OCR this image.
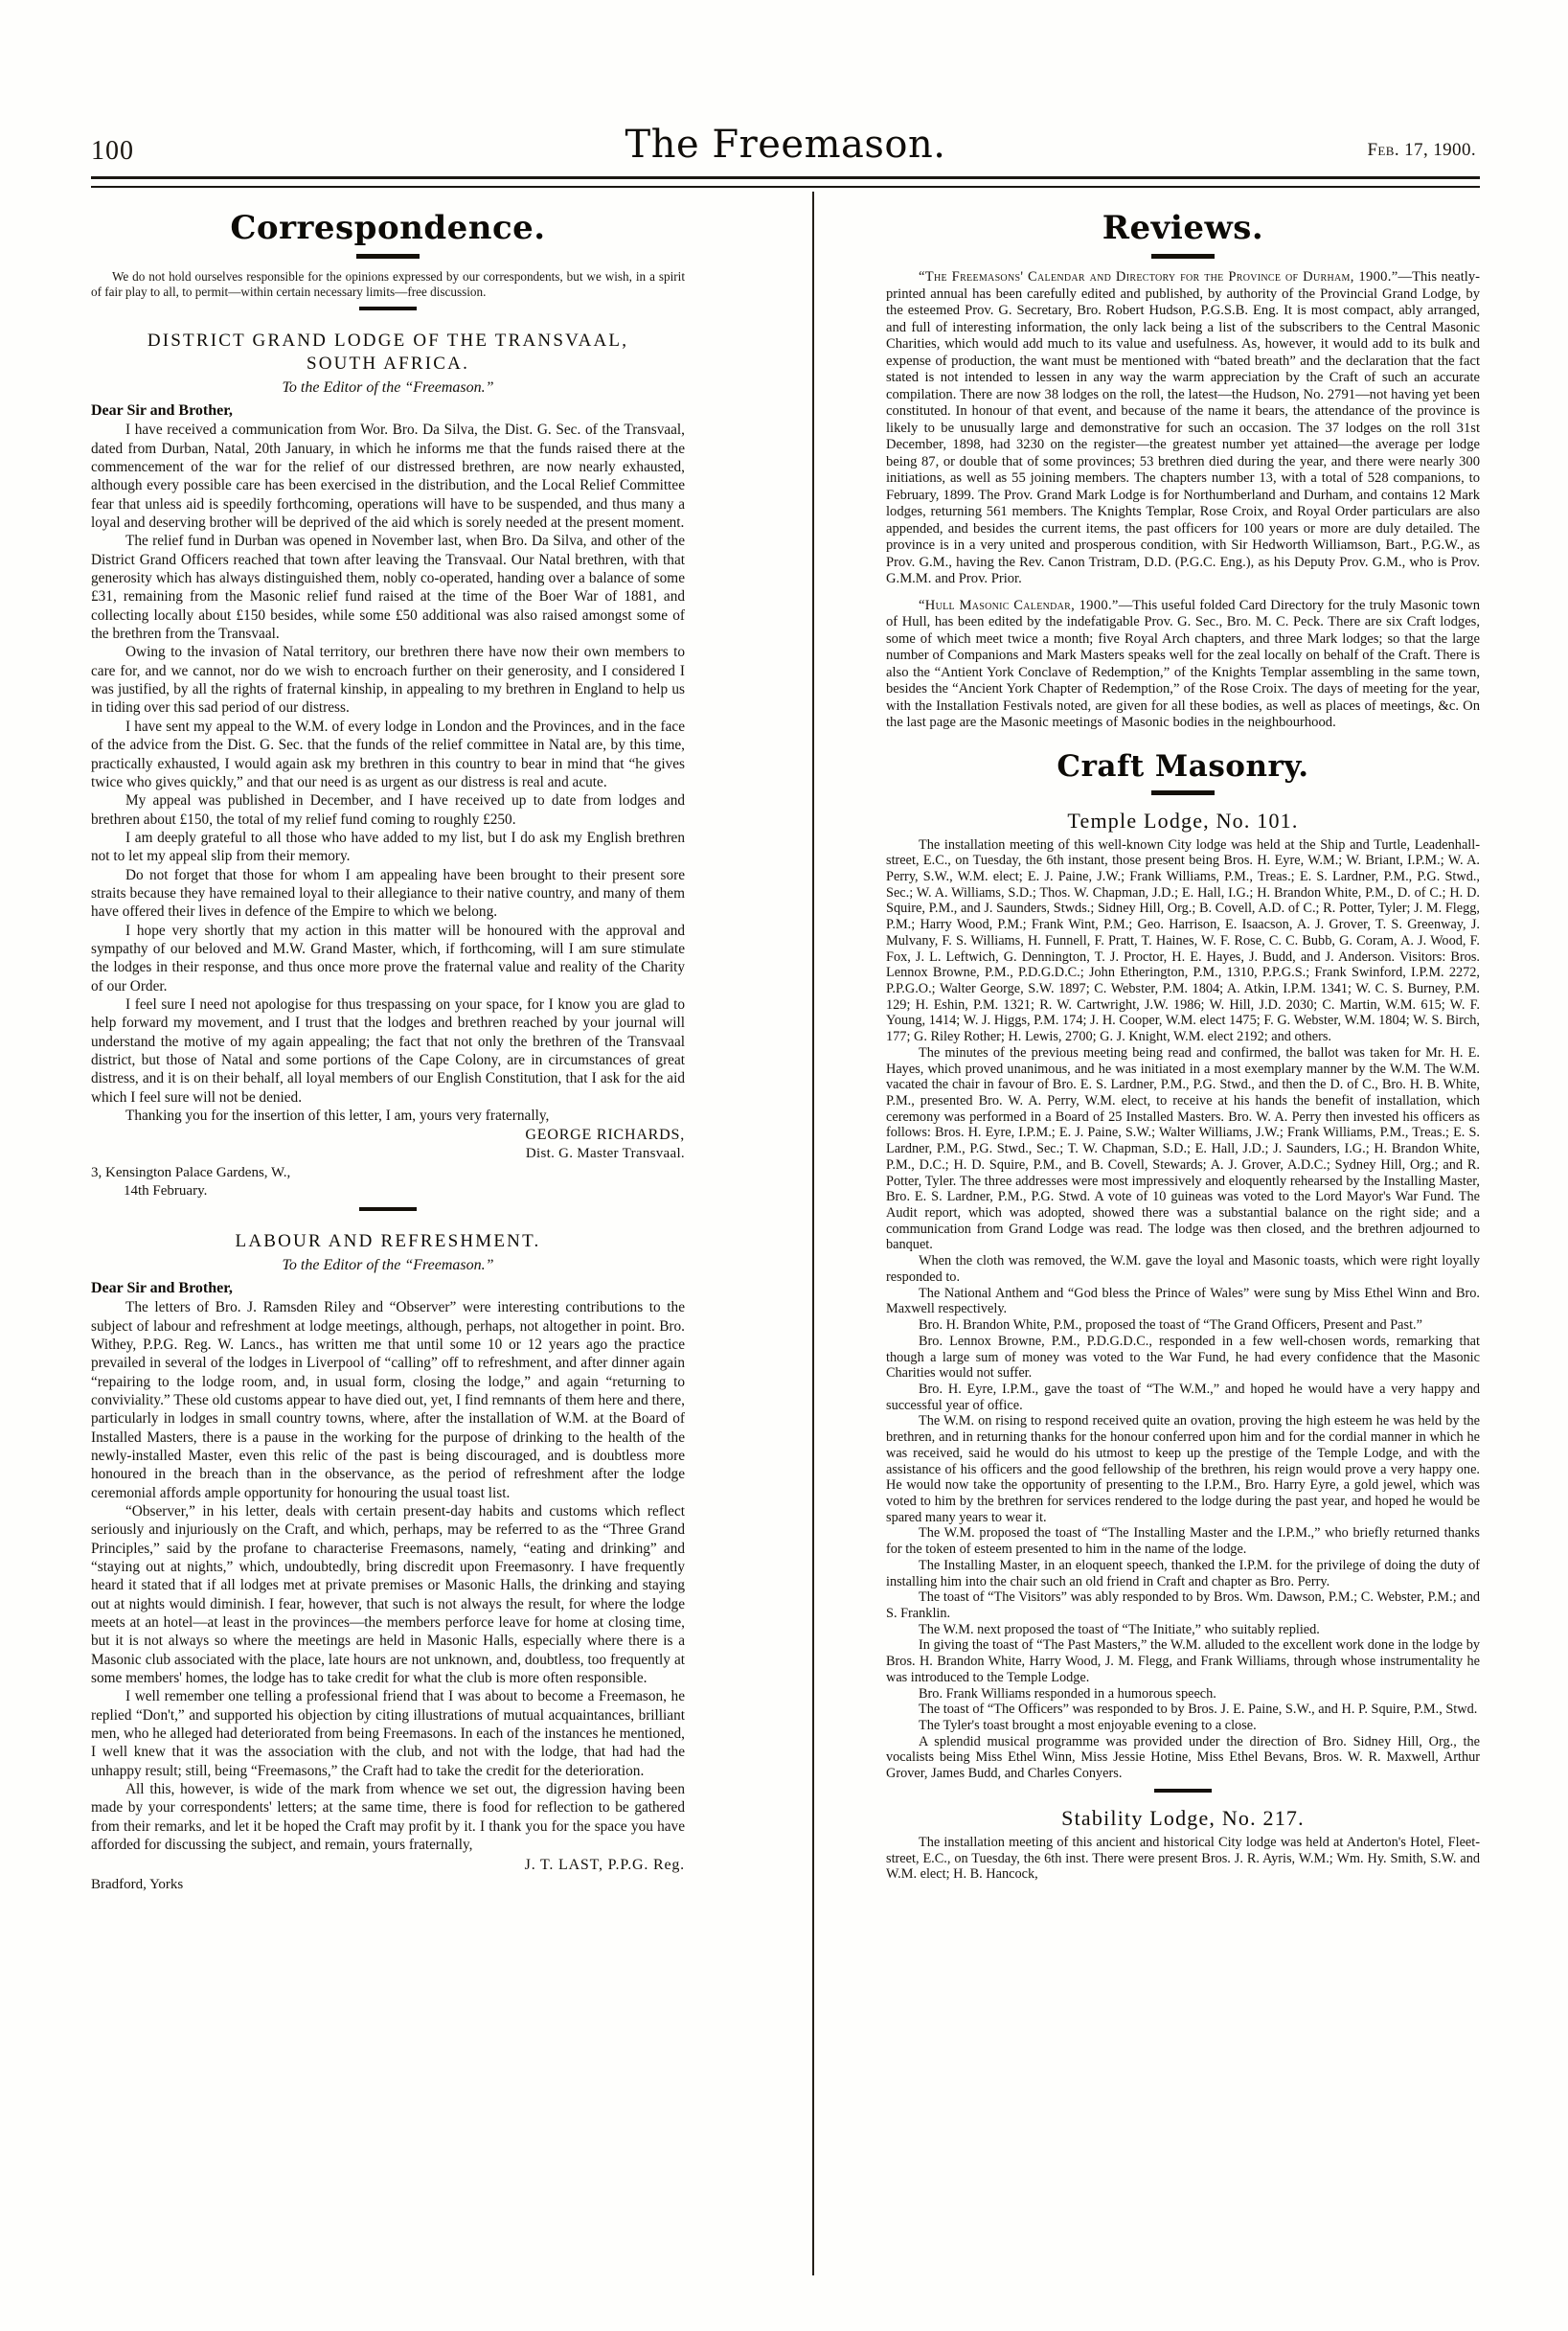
100	The Freemason.	Feb. 17, 1900.
Correspondence.

We do not hold ourselves responsible for the opinions expressed by our correspondents, but we wish, in a spirit of fair play to all, to permit—within certain necessary limits—free discussion.

DISTRICT GRAND LODGE OF THE TRANSVAAL,
SOUTH AFRICA.
To the Editor of the “Freemason.”
Dear Sir and Brother,

I have received a communication from Wor. Bro. Da Silva, the Dist. G. Sec. of the Transvaal, dated from Durban, Natal, 20th January, in which he informs me that the funds raised there at the commencement of the war for the relief of our distressed brethren, are now nearly exhausted, although every possible care has been exercised in the distribution, and the Local Relief Committee fear that unless aid is speedily forthcoming, operations will have to be suspended, and thus many a loyal and deserving brother will be deprived of the aid which is sorely needed at the present moment.

The relief fund in Durban was opened in November last, when Bro. Da Silva, and other of the District Grand Officers reached that town after leaving the Transvaal. Our Natal brethren, with that generosity which has always distinguished them, nobly co-operated, handing over a balance of some £31, remaining from the Masonic relief fund raised at the time of the Boer War of 1881, and collecting locally about £150 besides, while some £50 additional was also raised amongst some of the brethren from the Transvaal.

Owing to the invasion of Natal territory, our brethren there have now their own members to care for, and we cannot, nor do we wish to encroach further on their generosity, and I considered I was justified, by all the rights of fraternal kinship, in appealing to my brethren in England to help us in tiding over this sad period of our distress.

I have sent my appeal to the W.M. of every lodge in London and the Provinces, and in the face of the advice from the Dist. G. Sec. that the funds of the relief committee in Natal are, by this time, practically exhausted, I would again ask my brethren in this country to bear in mind that “he gives twice who gives quickly,” and that our need is as urgent as our distress is real and acute.

My appeal was published in December, and I have received up to date from lodges and brethren about £150, the total of my relief fund coming to roughly £250.

I am deeply grateful to all those who have added to my list, but I do ask my English brethren not to let my appeal slip from their memory.

Do not forget that those for whom I am appealing have been brought to their present sore straits because they have remained loyal to their allegiance to their native country, and many of them have offered their lives in defence of the Empire to which we belong.

I hope very shortly that my action in this matter will be honoured with the approval and sympathy of our beloved and M.W. Grand Master, which, if forthcoming, will I am sure stimulate the lodges in their response, and thus once more prove the fraternal value and reality of the Charity of our Order.

I feel sure I need not apologise for thus trespassing on your space, for I know you are glad to help forward my movement, and I trust that the lodges and brethren reached by your journal will understand the motive of my again appealing; the fact that not only the brethren of the Transvaal district, but those of Natal and some portions of the Cape Colony, are in circumstances of great distress, and it is on their behalf, all loyal members of our English Constitution, that I ask for the aid which I feel sure will not be denied.

Thanking you for the insertion of this letter, I am, yours very fraternally,

GEORGE RICHARDS,
Dist. G. Master Transvaal.
3, Kensington Palace Gardens, W.,
14th February.
LABOUR AND REFRESHMENT.
To the Editor of the “Freemason.”
Dear Sir and Brother,

The letters of Bro. J. Ramsden Riley and “Observer” were interesting contributions to the subject of labour and refreshment at lodge meetings, although, perhaps, not altogether in point. Bro. Withey, P.P.G. Reg. W. Lancs., has written me that until some 10 or 12 years ago the practice prevailed in several of the lodges in Liverpool of “calling” off to refreshment, and after dinner again “repairing to the lodge room, and, in usual form, closing the lodge,” and again “returning to conviviality.” These old customs appear to have died out, yet, I find remnants of them here and there, particularly in lodges in small country towns, where, after the installation of W.M. at the Board of Installed Masters, there is a pause in the working for the purpose of drinking to the health of the newly-installed Master, even this relic of the past is being discouraged, and is doubtless more honoured in the breach than in the observance, as the period of refreshment after the lodge ceremonial affords ample opportunity for honouring the usual toast list.

“Observer,” in his letter, deals with certain present-day habits and customs which reflect seriously and injuriously on the Craft, and which, perhaps, may be referred to as the “Three Grand Principles,” said by the profane to characterise Freemasons, namely, “eating and drinking” and “staying out at nights,” which, undoubtedly, bring discredit upon Freemasonry. I have frequently heard it stated that if all lodges met at private premises or Masonic Halls, the drinking and staying out at nights would diminish. I fear, however, that such is not always the result, for where the lodge meets at an hotel—at least in the provinces—the members perforce leave for home at closing time, but it is not always so where the meetings are held in Masonic Halls, especially where there is a Masonic club associated with the place, late hours are not unknown, and, doubtless, too frequently at some members' homes, the lodge has to take credit for what the club is more often responsible.

I well remember one telling a professional friend that I was about to become a Freemason, he replied “Don't,” and supported his objection by citing illustrations of mutual acquaintances, brilliant men, who he alleged had deteriorated from being Freemasons. In each of the instances he mentioned, I well knew that it was the association with the club, and not with the lodge, that had had the unhappy result; still, being “Freemasons,” the Craft had to take the credit for the deterioration.

All this, however, is wide of the mark from whence we set out, the digression having been made by your correspondents' letters; at the same time, there is food for reflection to be gathered from their remarks, and let it be hoped the Craft may profit by it. I thank you for the space you have afforded for discussing the subject, and remain, yours fraternally,

J. T. LAST, P.P.G. Reg.
Bradford, Yorks
Reviews.

“The Freemasons' Calendar and Directory for the Province of Durham, 1900.”—This neatly-printed annual has been carefully edited and published, by authority of the Provincial Grand Lodge, by the esteemed Prov. G. Secretary, Bro. Robert Hudson, P.G.S.B. Eng. It is most compact, ably arranged, and full of interesting information, the only lack being a list of the subscribers to the Central Masonic Charities, which would add much to its value and usefulness. As, however, it would add to its bulk and expense of production, the want must be mentioned with “bated breath” and the declaration that the fact stated is not intended to lessen in any way the warm appreciation by the Craft of such an accurate compilation. There are now 38 lodges on the roll, the latest—the Hudson, No. 2791—not having yet been constituted. In honour of that event, and because of the name it bears, the attendance of the province is likely to be unusually large and demonstrative for such an occasion. The 37 lodges on the roll 31st December, 1898, had 3230 on the register—the greatest number yet attained—the average per lodge being 87, or double that of some provinces; 53 brethren died during the year, and there were nearly 300 initiations, as well as 55 joining members. The chapters number 13, with a total of 528 companions, to February, 1899. The Prov. Grand Mark Lodge is for Northumberland and Durham, and contains 12 Mark lodges, returning 561 members. The Knights Templar, Rose Croix, and Royal Order particulars are also appended, and besides the current items, the past officers for 100 years or more are duly detailed. The province is in a very united and prosperous condition, with Sir Hedworth Williamson, Bart., P.G.W., as Prov. G.M., having the Rev. Canon Tristram, D.D. (P.G.C. Eng.), as his Deputy Prov. G.M., who is Prov. G.M.M. and Prov. Prior.

“Hull Masonic Calendar, 1900.”—This useful folded Card Directory for the truly Masonic town of Hull, has been edited by the indefatigable Prov. G. Sec., Bro. M. C. Peck. There are six Craft lodges, some of which meet twice a month; five Royal Arch chapters, and three Mark lodges; so that the large number of Companions and Mark Masters speaks well for the zeal locally on behalf of the Craft. There is also the “Antient York Conclave of Redemption,” of the Knights Templar assembling in the same town, besides the “Ancient York Chapter of Redemption,” of the Rose Croix. The days of meeting for the year, with the Installation Festivals noted, are given for all these bodies, as well as places of meetings, &c. On the last page are the Masonic meetings of Masonic bodies in the neighbourhood.

Craft Masonry.
Temple Lodge, No. 101.

The installation meeting of this well-known City lodge was held at the Ship and Turtle, Leadenhall-street, E.C., on Tuesday, the 6th instant, those present being Bros. H. Eyre, W.M.; W. Briant, I.P.M.; W. A. Perry, S.W., W.M. elect; E. J. Paine, J.W.; Frank Williams, P.M., Treas.; E. S. Lardner, P.M., P.G. Stwd., Sec.; W. A. Williams, S.D.; Thos. W. Chapman, J.D.; E. Hall, I.G.; H. Brandon White, P.M., D. of C.; H. D. Squire, P.M., and J. Saunders, Stwds.; Sidney Hill, Org.; B. Covell, A.D. of C.; R. Potter, Tyler; J. M. Flegg, P.M.; Harry Wood, P.M.; Frank Wint, P.M.; Geo. Harrison, E. Isaacson, A. J. Grover, T. S. Greenway, J. Mulvany, F. S. Williams, H. Funnell, F. Pratt, T. Haines, W. F. Rose, C. C. Bubb, G. Coram, A. J. Wood, F. Fox, J. L. Leftwich, G. Dennington, T. J. Proctor, H. E. Hayes, J. Budd, and J. Anderson. Visitors: Bros. Lennox Browne, P.M., P.D.G.D.C.; John Etherington, P.M., 1310, P.P.G.S.; Frank Swinford, I.P.M. 2272, P.P.G.O.; Walter George, S.W. 1897; C. Webster, P.M. 1804; A. Atkin, I.P.M. 1341; W. C. S. Burney, P.M. 129; H. Eshin, P.M. 1321; R. W. Cartwright, J.W. 1986; W. Hill, J.D. 2030; C. Martin, W.M. 615; W. F. Young, 1414; W. J. Higgs, P.M. 174; J. H. Cooper, W.M. elect 1475; F. G. Webster, W.M. 1804; W. S. Birch, 177; G. Riley Rother; H. Lewis, 2700; G. J. Knight, W.M. elect 2192; and others.

The minutes of the previous meeting being read and confirmed, the ballot was taken for Mr. H. E. Hayes, which proved unanimous, and he was initiated in a most exemplary manner by the W.M. The W.M. vacated the chair in favour of Bro. E. S. Lardner, P.M., P.G. Stwd., and then the D. of C., Bro. H. B. White, P.M., presented Bro. W. A. Perry, W.M. elect, to receive at his hands the benefit of installation, which ceremony was performed in a Board of 25 Installed Masters. Bro. W. A. Perry then invested his officers as follows: Bros. H. Eyre, I.P.M.; E. J. Paine, S.W.; Walter Williams, J.W.; Frank Williams, P.M., Treas.; E. S. Lardner, P.M., P.G. Stwd., Sec.; T. W. Chapman, S.D.; E. Hall, J.D.; J. Saunders, I.G.; H. Brandon White, P.M., D.C.; H. D. Squire, P.M., and B. Covell, Stewards; A. J. Grover, A.D.C.; Sydney Hill, Org.; and R. Potter, Tyler. The three addresses were most impressively and eloquently rehearsed by the Installing Master, Bro. E. S. Lardner, P.M., P.G. Stwd. A vote of 10 guineas was voted to the Lord Mayor's War Fund. The Audit report, which was adopted, showed there was a substantial balance on the right side; and a communication from Grand Lodge was read. The lodge was then closed, and the brethren adjourned to banquet.

When the cloth was removed, the W.M. gave the loyal and Masonic toasts, which were right loyally responded to.

The National Anthem and “God bless the Prince of Wales” were sung by Miss Ethel Winn and Bro. Maxwell respectively.

Bro. H. Brandon White, P.M., proposed the toast of “The Grand Officers, Present and Past.”

Bro. Lennox Browne, P.M., P.D.G.D.C., responded in a few well-chosen words, remarking that though a large sum of money was voted to the War Fund, he had every confidence that the Masonic Charities would not suffer.

Bro. H. Eyre, I.P.M., gave the toast of “The W.M.,” and hoped he would have a very happy and successful year of office.

The W.M. on rising to respond received quite an ovation, proving the high esteem he was held by the brethren, and in returning thanks for the honour conferred upon him and for the cordial manner in which he was received, said he would do his utmost to keep up the prestige of the Temple Lodge, and with the assistance of his officers and the good fellowship of the brethren, his reign would prove a very happy one. He would now take the opportunity of presenting to the I.P.M., Bro. Harry Eyre, a gold jewel, which was voted to him by the brethren for services rendered to the lodge during the past year, and hoped he would be spared many years to wear it.

The W.M. proposed the toast of “The Installing Master and the I.P.M.,” who briefly returned thanks for the token of esteem presented to him in the name of the lodge.

The Installing Master, in an eloquent speech, thanked the I.P.M. for the privilege of doing the duty of installing him into the chair such an old friend in Craft and chapter as Bro. Perry.

The toast of “The Visitors” was ably responded to by Bros. Wm. Dawson, P.M.; C. Webster, P.M.; and S. Franklin.

The W.M. next proposed the toast of “The Initiate,” who suitably replied.

In giving the toast of “The Past Masters,” the W.M. alluded to the excellent work done in the lodge by Bros. H. Brandon White, Harry Wood, J. M. Flegg, and Frank Williams, through whose instrumentality he was introduced to the Temple Lodge.

Bro. Frank Williams responded in a humorous speech.

The toast of “The Officers” was responded to by Bros. J. E. Paine, S.W., and H. P. Squire, P.M., Stwd.

The Tyler's toast brought a most enjoyable evening to a close.

A splendid musical programme was provided under the direction of Bro. Sidney Hill, Org., the vocalists being Miss Ethel Winn, Miss Jessie Hotine, Miss Ethel Bevans, Bros. W. R. Maxwell, Arthur Grover, James Budd, and Charles Conyers.

Stability Lodge, No. 217.

The installation meeting of this ancient and historical City lodge was held at Anderton's Hotel, Fleet-street, E.C., on Tuesday, the 6th inst. There were present Bros. J. R. Ayris, W.M.; Wm. Hy. Smith, S.W. and W.M. elect; H. B. Hancock,
